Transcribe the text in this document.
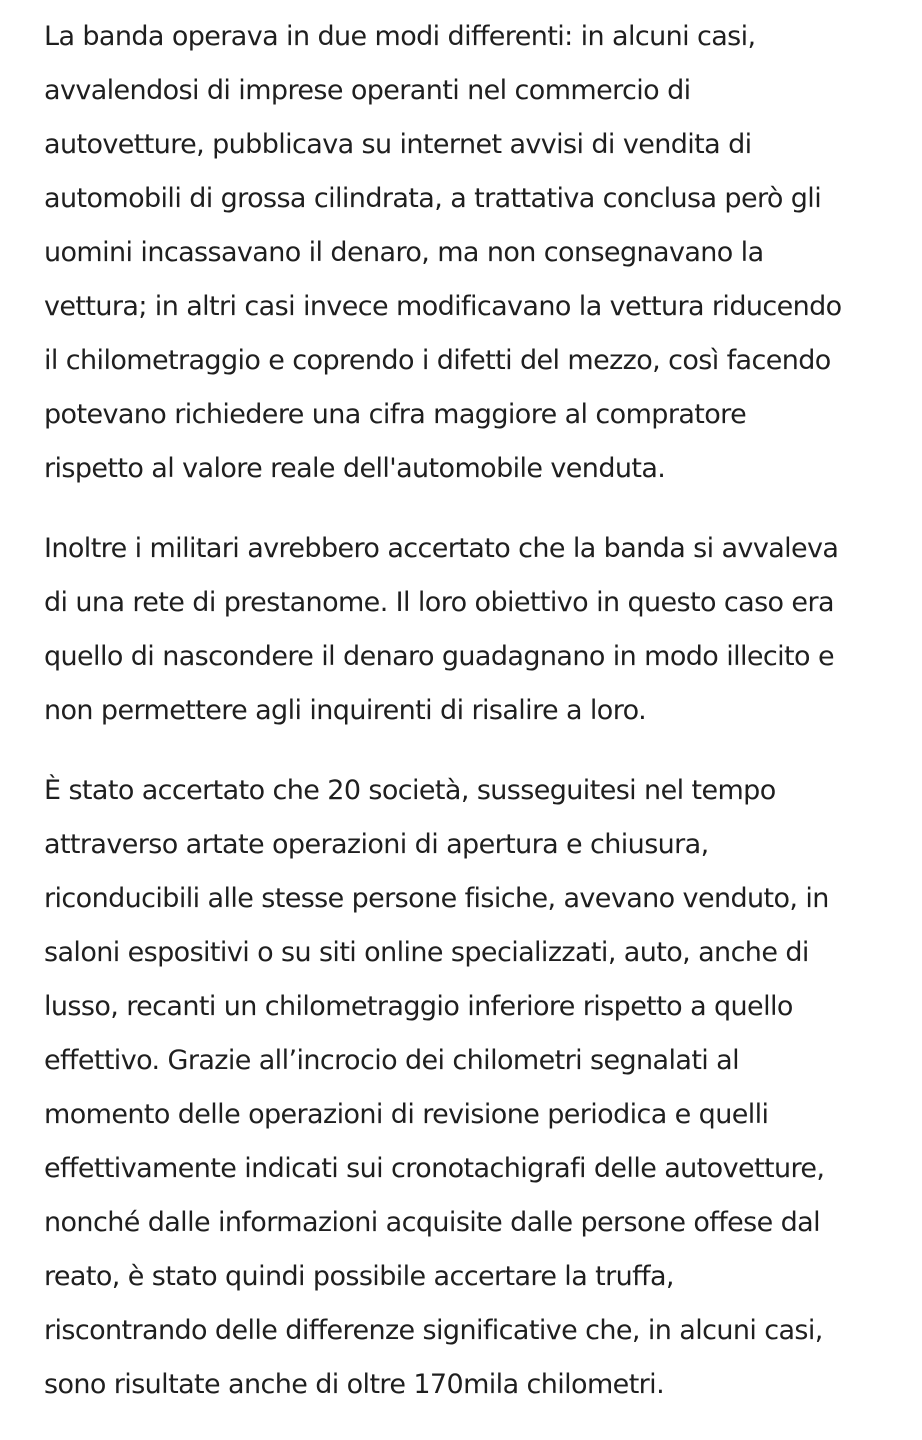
La banda operava in due modi differenti: in alcuni casi,
avvalendosi di imprese operanti nel commercio di
autovetture, pubblicava su internet avvisi di vendita di
automobili di grossa cilindrata, a trattativa conclusa però gli
uomini incassavano il denaro, ma non consegnavano la
vettura; in altri casi invece modificavano la vettura riducendo
il chilometraggio e coprendo i difetti del mezzo, così facendo
potevano richiedere una cifra maggiore al compratore
rispetto al valore reale dell'automobile venduta.

Inoltre i militari avrebbero accertato che la banda si avvaleva
di una rete di prestanome. Il loro obiettivo in questo caso era
quello di nascondere il denaro guadagnano in modo illecito e
non permettere agli inquirenti di risalire a loro.

È stato accertato che 20 società, susseguitesi nel tempo
attraverso artate operazioni di apertura e chiusura,
riconducibili alle stesse persone fisiche, avevano venduto, in
saloni espositivi o su siti online specializzati, auto, anche di
lusso, recanti un chilometraggio inferiore rispetto a quello
effettivo. Grazie all’incrocio dei chilometri segnalati al
momento delle operazioni di revisione periodica e quelli
effettivamente indicati sui cronotachigrafi delle autovetture,
nonché dalle informazioni acquisite dalle persone offese dal
reato, è stato quindi possibile accertare la truffa,
riscontrando delle differenze significative che, in alcuni casi,
sono risultate anche di oltre 170mila chilometri.
